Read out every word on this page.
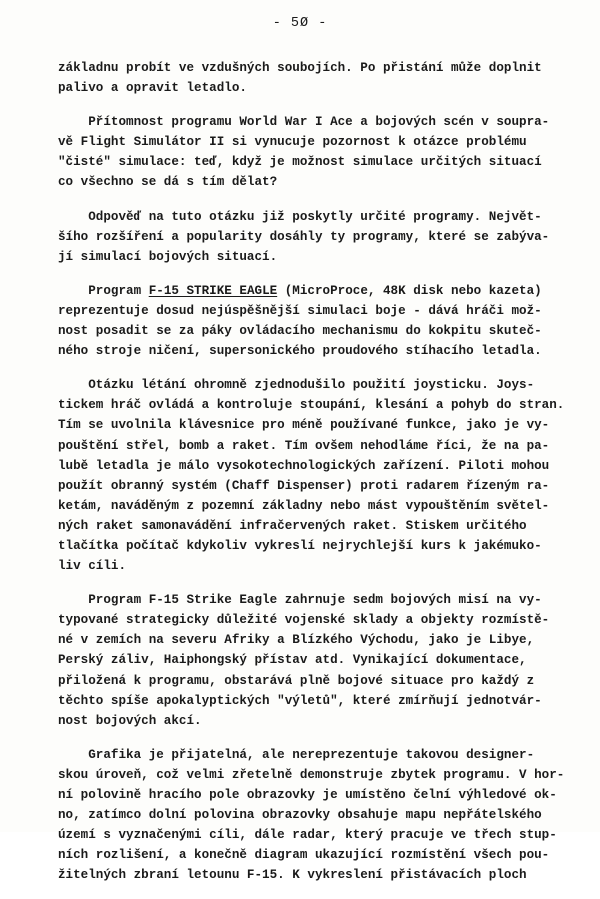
- 5Ø -

základnu probít ve vzdušných soubojích. Po přistání může doplnit
palivo a opravit letadlo.

Přítomnost programu World War I Ace a bojových scén v soupra-
vě Flight Simulátor II si vynucuje pozornost k otázce problému
"čisté" simulace: teď, když je možnost simulace určitých situací
co všechno se dá s tím dělat?

Odpověď na tuto otázku již poskytly určité programy. Největ-
šího rozšíření a popularity dosáhly ty programy, které se zabýva-
jí simulací bojových situací.

Program F-15 STRIKE EAGLE (MicroProce, 48K disk nebo kazeta)
reprezentuje dosud nejúspěšnější simulaci boje - dává hráči mož-
nost posadit se za páky ovládacího mechanismu do kokpitu skuteč-
ného stroje ničení, supersonického proudového stíhacího letadla.

Otázku létání ohromně zjednodušilo použití joysticku. Joys-
tickem hráč ovládá a kontroluje stoupání, klesání a pohyb do stran.
Tím se uvolnila klávesnice pro méně používané funkce, jako je vy-
pouštění střel, bomb a raket. Tím ovšem nehodláme říci, že na pa-
lubě letadla je málo vysokotechnologických zařízení. Piloti mohou
použít obranný systém (Chaff Dispenser) proti radarem řízeným ra-
ketám, naváděným z pozemní základny nebo mást vypouštěním světel-
ných raket samonavádění infračervených raket. Stiskem určitého
tlačítka počítač kdykoliv vykreslí nejrychlejší kurs k jakémuko-
liv cíli.

Program F-15 Strike Eagle zahrnuje sedm bojových misí na vy-
typované strategicky důležité vojenské sklady a objekty rozmístě-
né v zemích na severu Afriky a Blízkého Východu, jako je Libye,
Perský záliv, Haiphongský přístav atd. Vynikající dokumentace,
přiložená k programu, obstarává plně bojové situace pro každý z
těchto spíše apokalyptických "výletů", které zmírňují jednotvár-
nost bojových akcí.

Grafika je přijatelná, ale nereprezentuje takovou designer-
skou úroveň, což velmi zřetelně demonstruje zbytek programu. V hor-
ní polovině hracího pole obrazovky je umístěno čelní výhledové ok-
no, zatímco dolní polovina obrazovky obsahuje mapu nepřátelského
území s vyznačenými cíli, dále radar, který pracuje ve třech stup-
ních rozlišení, a konečně diagram ukazující rozmístění všech pou-
žitelných zbraní letounu F-15. K vykreslení přistávacích ploch
